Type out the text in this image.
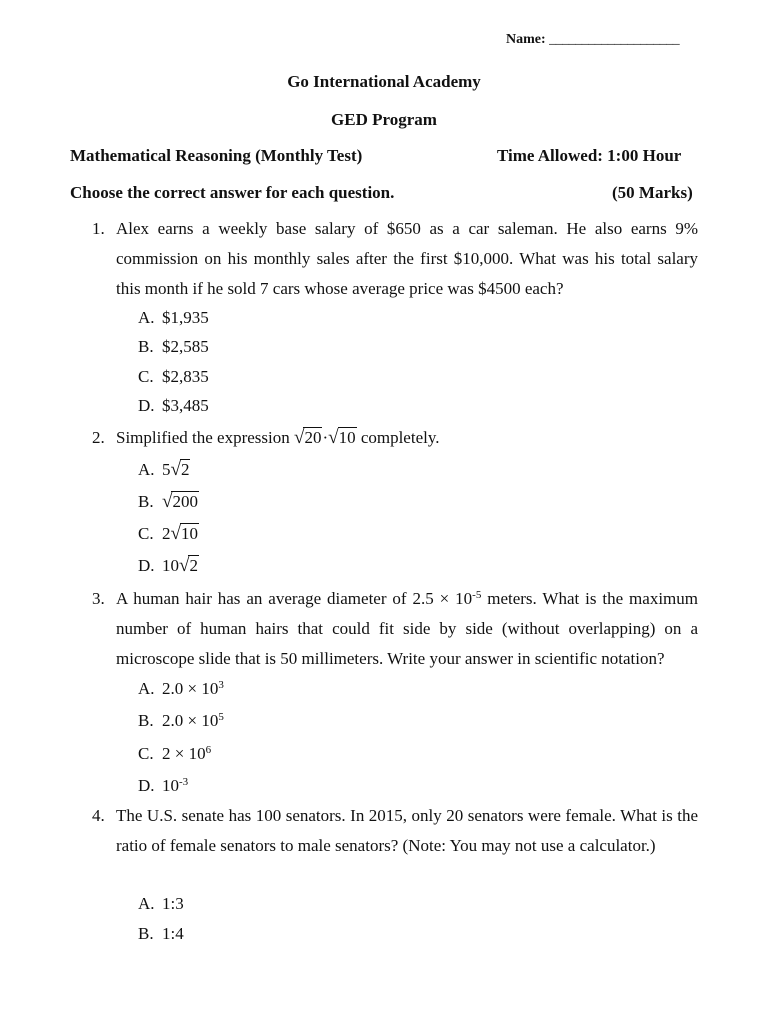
Name: ____________________
Go International Academy
GED Program
Mathematical Reasoning (Monthly Test)	Time Allowed: 1:00 Hour
Choose the correct answer for each question.	(50 Marks)
1. Alex earns a weekly base salary of $650 as a car saleman. He also earns 9% commission on his monthly sales after the first $10,000. What was his total salary this month if he sold 7 cars whose average price was $4500 each?
A. $1,935
B. $2,585
C. $2,835
D. $3,485
2. Simplified the expression √20·√10 completely.
A. 5√2
B. √200
C. 2√10
D. 10√2
3. A human hair has an average diameter of $2.5 \times 10^{-5}$ meters. What is the maximum number of human hairs that could fit side by side (without overlapping) on a microscope slide that is 50 millimeters. Write your answer in scientific notation?
A. $2.0 \times 10^3$
B. $2.0 \times 10^5$
C. $2 \times 10^6$
D. $10^{-3}$
4. The U.S. senate has 100 senators. In 2015, only 20 senators were female. What is the ratio of female senators to male senators? (Note: You may not use a calculator.)
A. 1:3
B. 1:4
